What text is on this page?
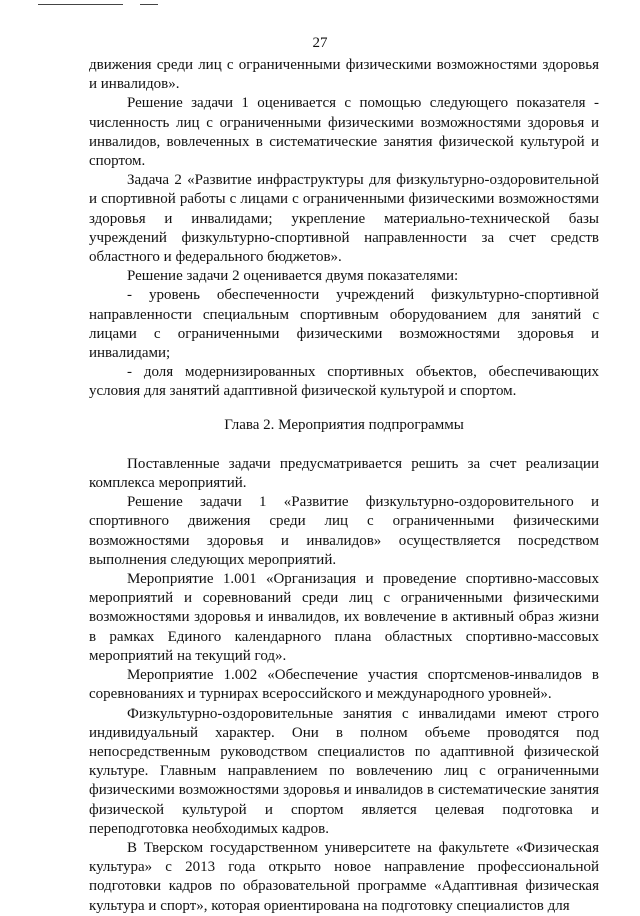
27

движения среди лиц с ограниченными физическими возможностями здоровья и инвалидов».

Решение задачи 1 оценивается с помощью следующего показателя - численность лиц с ограниченными физическими возможностями здоровья и инвалидов, вовлеченных в систематические занятия физической культурой и спортом.

Задача 2 «Развитие инфраструктуры для физкультурно-оздоровительной и спортивной работы с лицами с ограниченными физическими возможностями здоровья и инвалидами; укрепление материально-технической базы учреждений физкультурно-спортивной направленности за счет средств областного и федерального бюджетов».

Решение задачи 2 оценивается двумя показателями:

- уровень обеспеченности учреждений физкультурно-спортивной направленности специальным спортивным оборудованием для занятий с лицами с ограниченными физическими возможностями здоровья и инвалидами;

- доля модернизированных спортивных объектов, обеспечивающих условия для занятий адаптивной физической культурой и спортом.

Глава 2. Мероприятия подпрограммы

Поставленные задачи предусматривается решить за счет реализации комплекса мероприятий.

Решение задачи 1 «Развитие физкультурно-оздоровительного и спортивного движения среди лиц с ограниченными физическими возможностями здоровья и инвалидов» осуществляется посредством выполнения следующих мероприятий.

Мероприятие 1.001 «Организация и проведение спортивно-массовых мероприятий и соревнований среди лиц с ограниченными физическими возможностями здоровья и инвалидов, их вовлечение в активный образ жизни в рамках Единого календарного плана областных спортивно-массовых мероприятий на текущий год».

Мероприятие 1.002 «Обеспечение участия спортсменов-инвалидов в соревнованиях и турнирах всероссийского и международного уровней».

Физкультурно-оздоровительные занятия с инвалидами имеют строго индивидуальный характер. Они в полном объеме проводятся под непосредственным руководством специалистов по адаптивной физической культуре. Главным направлением по вовлечению лиц с ограниченными физическими возможностями здоровья и инвалидов в систематические занятия физической культурой и спортом является целевая подготовка и переподготовка необходимых кадров.

В Тверском государственном университете на факультете «Физическая культура» с 2013 года открыто новое направление профессиональной подготовки кадров по образовательной программе «Адаптивная физическая культура и спорт», которая ориентирована на подготовку специалистов для
